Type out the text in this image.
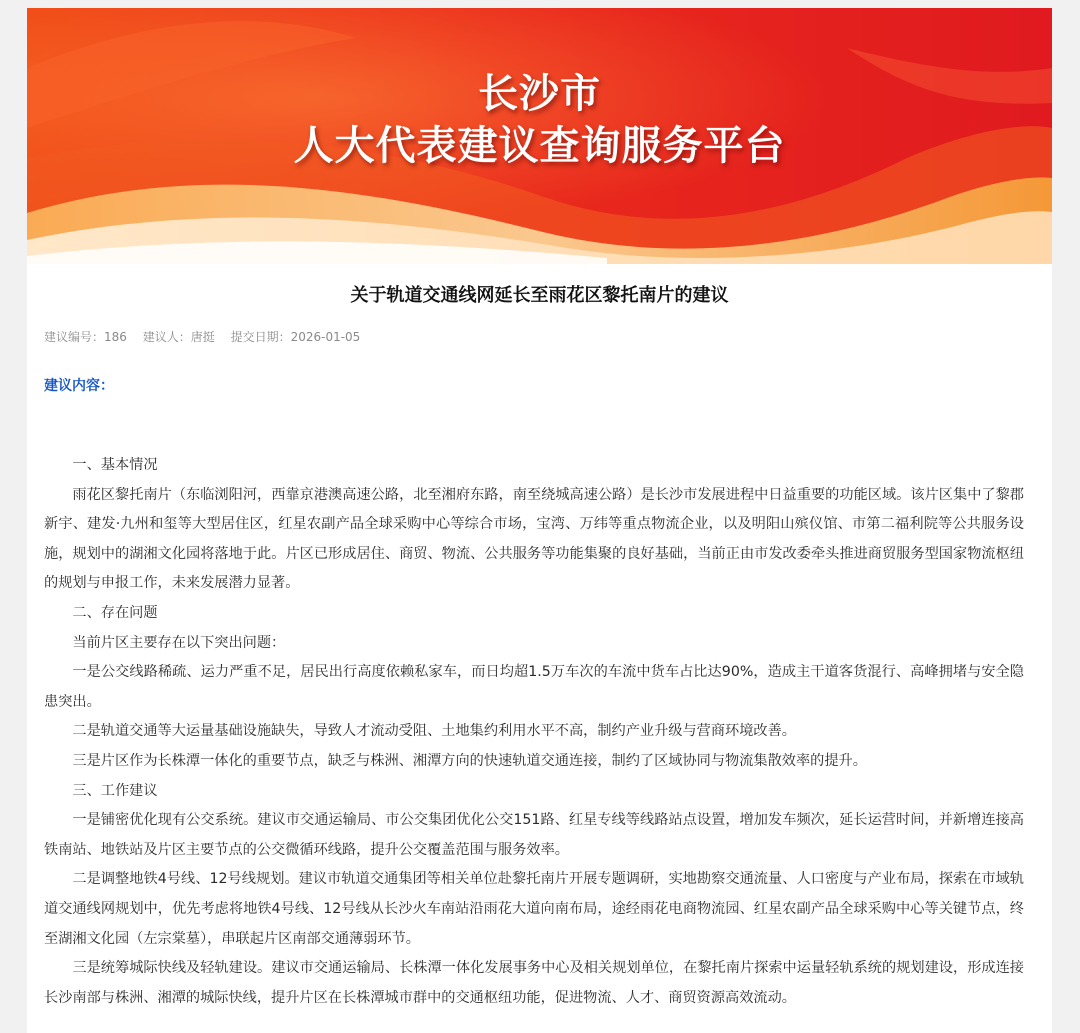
长沙市
人大代表建议查询服务平台
关于轨道交通线网延长至雨花区黎托南片的建议
建议编号：186 建议人：唐挺 提交日期：2026-01-05
建议内容：

一、基本情况

雨花区黎托南片（东临浏阳河，西靠京港澳高速公路，北至湘府东路，南至绕城高速公路）是长沙市发展进程中日益重要的功能区域。该片区集中了黎郡新宇、建发·九州和玺等大型居住区，红星农副产品全球采购中心等综合市场，宝湾、万纬等重点物流企业，以及明阳山殡仪馆、市第二福利院等公共服务设施，规划中的湖湘文化园将落地于此。片区已形成居住、商贸、物流、公共服务等功能集聚的良好基础，当前正由市发改委牵头推进商贸服务型国家物流枢纽的规划与申报工作，未来发展潜力显著。

二、存在问题

当前片区主要存在以下突出问题：

一是公交线路稀疏、运力严重不足，居民出行高度依赖私家车，而日均超1.5万车次的车流中货车占比达90%，造成主干道客货混行、高峰拥堵与安全隐患突出。

二是轨道交通等大运量基础设施缺失，导致人才流动受阻、土地集约利用水平不高，制约产业升级与营商环境改善。

三是片区作为长株潭一体化的重要节点，缺乏与株洲、湘潭方向的快速轨道交通连接，制约了区域协同与物流集散效率的提升。

三、工作建议

一是铺密优化现有公交系统。建议市交通运输局、市公交集团优化公交151路、红星专线等线路站点设置，增加发车频次，延长运营时间，并新增连接高铁南站、地铁站及片区主要节点的公交微循环线路，提升公交覆盖范围与服务效率。

二是调整地铁4号线、12号线规划。建议市轨道交通集团等相关单位赴黎托南片开展专题调研，实地勘察交通流量、人口密度与产业布局，探索在市域轨道交通线网规划中，优先考虑将地铁4号线、12号线从长沙火车南站沿雨花大道向南布局，途经雨花电商物流园、红星农副产品全球采购中心等关键节点，终至湖湘文化园（左宗棠墓），串联起片区南部交通薄弱环节。

三是统筹城际快线及轻轨建设。建议市交通运输局、长株潭一体化发展事务中心及相关规划单位，在黎托南片探索中运量轻轨系统的规划建设，形成连接长沙南部与株洲、湘潭的城际快线，提升片区在长株潭城市群中的交通枢纽功能，促进物流、人才、商贸资源高效流动。
